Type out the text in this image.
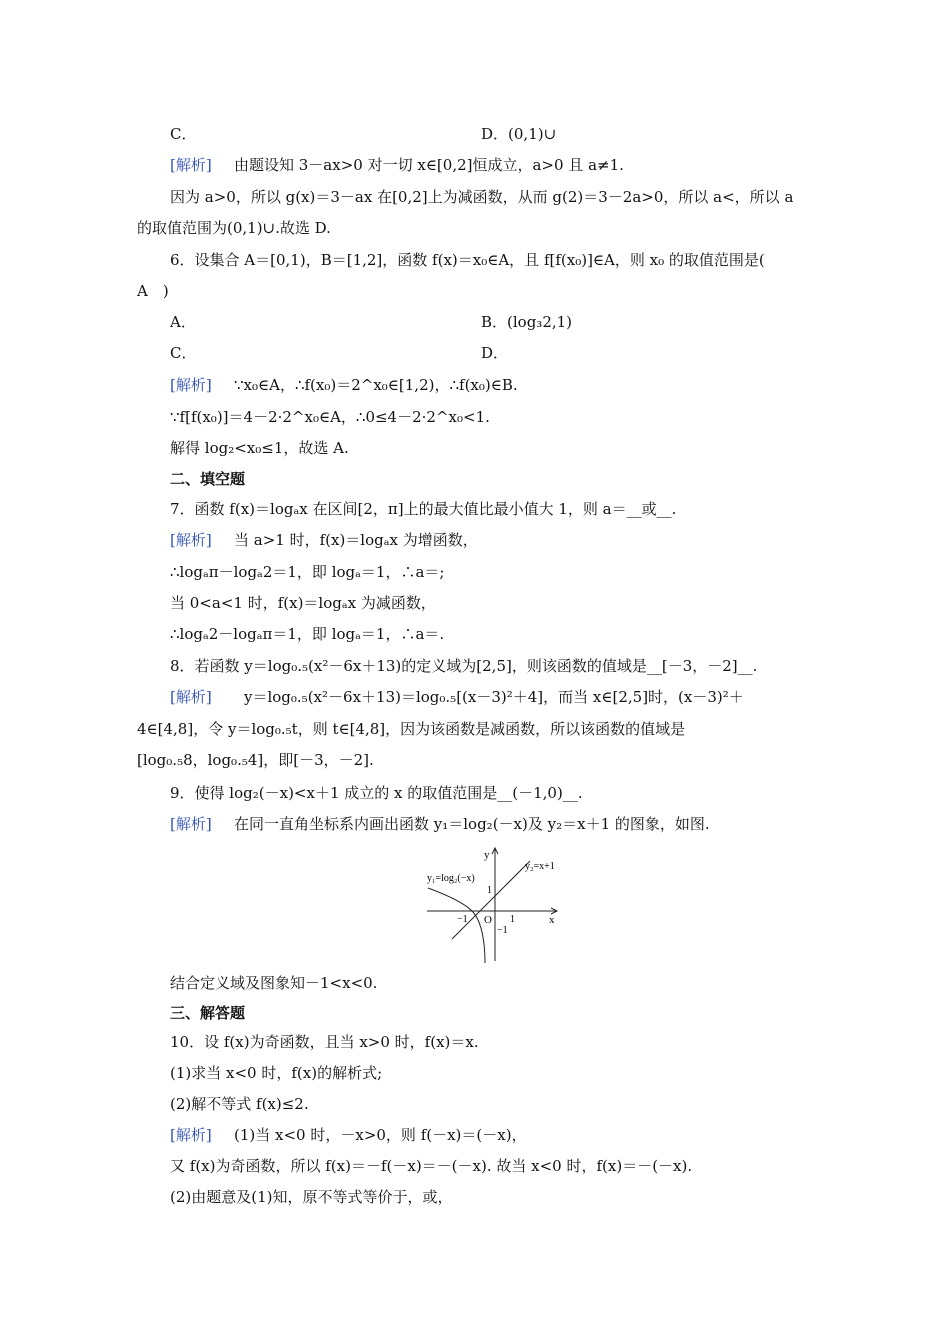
C．	D．(0,1)∪
[解析] 由题设知 3－ax>0 对一切 x∈[0,2]恒成立，a>0 且 a≠1.
因为 a>0，所以 g(x)＝3－ax 在[0,2]上为减函数，从而 g(2)＝3－2a>0，所以 a<，所以 a
的取值范围为(0,1)∪.故选 D.
6．设集合 A＝[0,1)，B＝[1,2]，函数 f(x)＝x₀∈A，且 f[f(x₀)]∈A，则 x₀ 的取值范围是(
A　)
A．	B．(log₃2,1)
C．	D．
[解析] ∵x₀∈A，∴f(x₀)＝2^x₀∈[1,2)，∴f(x₀)∈B.
∵f[f(x₀)]＝4－2·2^x₀∈A，∴0≤4－2·2^x₀<1.
解得 log₂<x₀≤1，故选 A.
二、填空题
7．函数 f(x)＝logₐx 在区间[2，π]上的最大值比最小值大 1，则 a＝__或__.
[解析] 当 a>1 时，f(x)＝logₐx 为增函数，
∴logₐπ－logₐ2＝1，即 logₐ＝1，∴a＝;
当 0<a<1 时，f(x)＝logₐx 为减函数，
∴logₐ2－logₐπ＝1，即 logₐ＝1，∴a＝.
8．若函数 y＝log₀.₅(x²－6x＋13)的定义域为[2,5]，则该函数的值域是__[－3，－2]__.
[解析] y＝log₀.₅(x²－6x＋13)＝log₀.₅[(x－3)²＋4]，而当 x∈[2,5]时，(x－3)²＋
4∈[4,8]，令 y＝log₀.₅t，则 t∈[4,8]，因为该函数是减函数，所以该函数的值域是
[log₀.₅8，log₀.₅4]，即[－3，－2].
9．使得 log₂(－x)<x＋1 成立的 x 的取值范围是__(－1,0)__.
[解析] 在同一直角坐标系内画出函数 y₁＝log₂(－x)及 y₂＝x＋1 的图象，如图.
y
x
O
y₁=log₂(−x)
y₂=x+1
1
−1
1
−1
结合定义域及图象知－1<x<0.
三、解答题
10．设 f(x)为奇函数，且当 x>0 时，f(x)＝x.
(1)求当 x<0 时，f(x)的解析式;
(2)解不等式 f(x)≤2.
[解析] (1)当 x<0 时，－x>0，则 f(－x)＝(－x)，
又 f(x)为奇函数，所以 f(x)＝－f(－x)＝－(－x). 故当 x<0 时，f(x)＝－(－x).
(2)由题意及(1)知，原不等式等价于，或，
